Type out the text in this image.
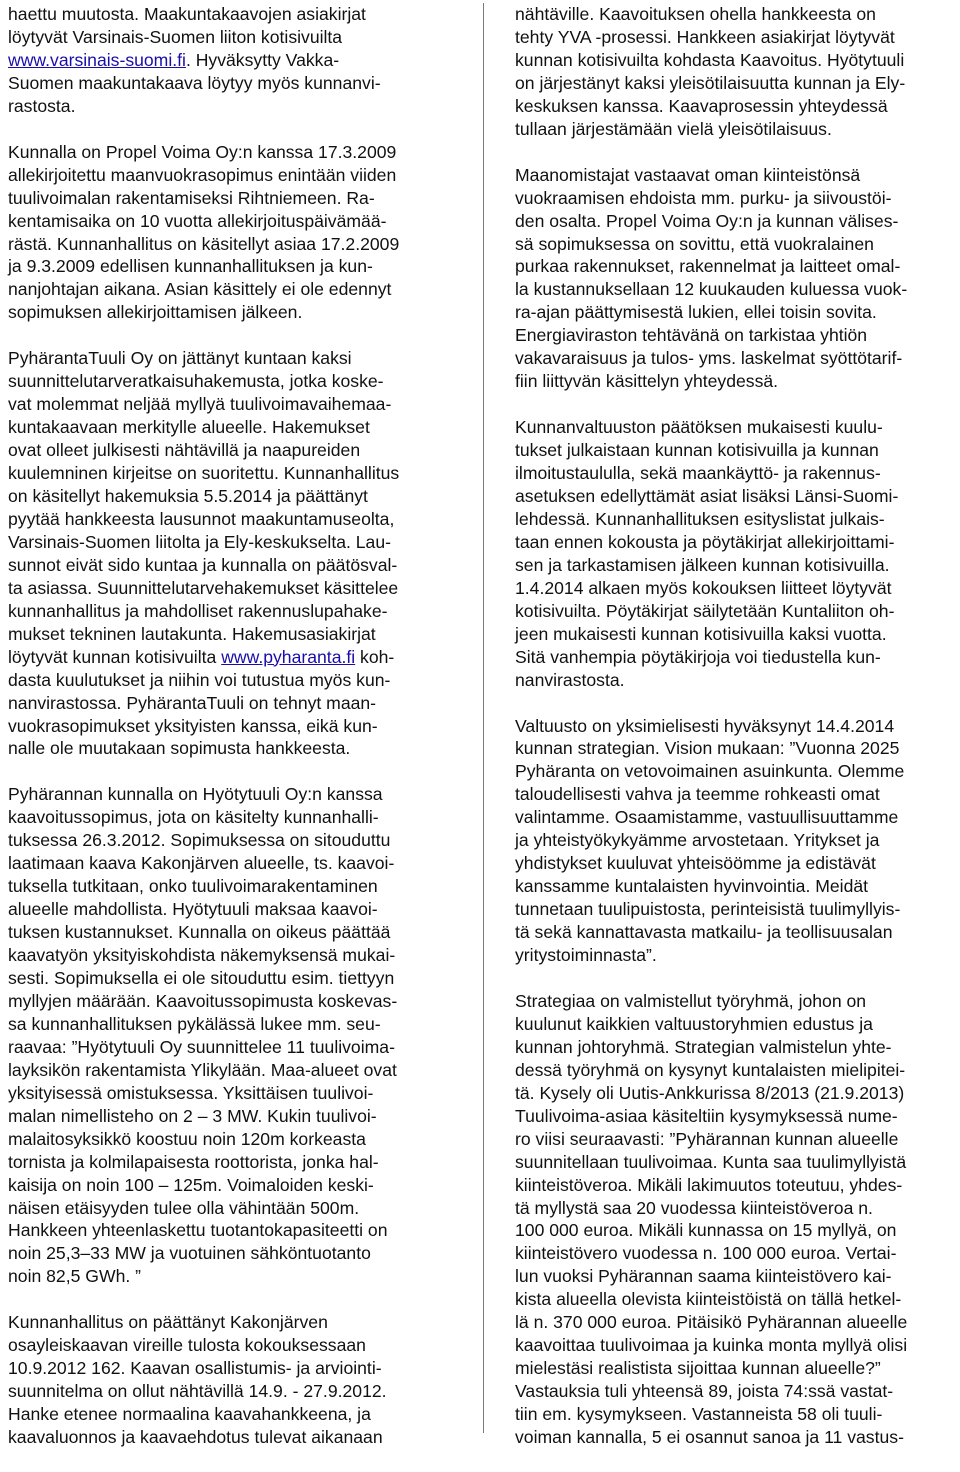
haettu muutosta. Maakuntakaavojen asiakirjat
löytyvät Varsinais-Suomen liiton kotisivuilta
www.varsinais-suomi.fi. Hyväksytty Vakka-
Suomen maakuntakaava löytyy myös kunnanvi-
rastosta.

Kunnalla on Propel Voima Oy:n kanssa 17.3.2009
allekirjoitettu maanvuokrasopimus enintään viiden
tuulivoimalan rakentamiseksi Rihtniemeen. Ra-
kentamisaika on 10 vuotta allekirjoituspäivämää-
rästä. Kunnanhallitus on käsitellyt asiaa 17.2.2009
ja 9.3.2009 edellisen kunnanhallituksen ja kun-
nanjohtajan aikana. Asian käsittely ei ole edennyt
sopimuksen allekirjoittamisen jälkeen.

PyhärantaTuuli Oy on jättänyt kuntaan kaksi
suunnittelutarveratkaisuhakemusta, jotka koske-
vat molemmat neljää myllyä tuulivoimavaihemaa-
kuntakaavaan merkitylle alueelle. Hakemukset
ovat olleet julkisesti nähtävillä ja naapureiden
kuulemninen kirjeitse on suoritettu. Kunnanhallitus
on käsitellyt hakemuksia 5.5.2014 ja päättänyt
pyytää hankkeesta lausunnot maakuntamuseolta,
Varsinais-Suomen liitolta ja Ely-keskukselta. Lau-
sunnot eivät sido kuntaa ja kunnalla on päätösval-
ta asiassa. Suunnittelutarvehakemukset käsittelee
kunnanhallitus ja mahdolliset rakennuslupahake-
mukset tekninen lautakunta. Hakemusasiakirjat
löytyvät kunnan kotisivuilta www.pyharanta.fi koh-
dasta kuulutukset ja niihin voi tutustua myös kun-
nanvirastossa. PyhärantaTuuli on tehnyt maan-
vuokrasopimukset yksityisten kanssa, eikä kun-
nalle ole muutakaan sopimusta hankkeesta.

Pyhärannan kunnalla on Hyötytuuli Oy:n kanssa
kaavoitussopimus, jota on käsitelty kunnanhalli-
tuksessa 26.3.2012. Sopimuksessa on sitouduttu
laatimaan kaava Kakonjärven alueelle, ts. kaavoi-
tuksella tutkitaan, onko tuulivoimarakentaminen
alueelle mahdollista. Hyötytuuli maksaa kaavoi-
tuksen kustannukset. Kunnalla on oikeus päättää
kaavatyön yksityiskohdista näkemyksensä mukai-
sesti. Sopimuksella ei ole sitouduttu esim. tiettyyn
myllyjen määrään. Kaavoitussopimusta koskevas-
sa kunnanhallituksen pykälässä lukee mm. seu-
raavaa: ”Hyötytuuli Oy suunnittelee 11 tuulivoima-
layksikön rakentamista Ylikylään. Maa-alueet ovat
yksityisessä omistuksessa. Yksittäisen tuulivoi-
malan nimellisteho on 2 – 3 MW. Kukin tuulivoi-
malaitosyksikkö koostuu noin 120m korkeasta
tornista ja kolmilapaisesta roottorista, jonka hal-
kaisija on noin 100 – 125m. Voimaloiden keski-
näisen etäisyyden tulee olla vähintään 500m.
Hankkeen yhteenlaskettu tuotantokapasiteetti on
noin 25,3–33 MW ja vuotuinen sähköntuotanto
noin 82,5 GWh. ”

Kunnanhallitus on päättänyt Kakonjärven
osayleiskaavan vireille tulosta kokouksessaan
10.9.2012 162. Kaavan osallistumis- ja arviointi-
suunnitelma on ollut nähtävillä 14.9. - 27.9.2012.
Hanke etenee normaalina kaavahankkeena, ja
kaavaluonnos ja kaavaehdotus tulevat aikanaan

nähtäville. Kaavoituksen ohella hankkeesta on
tehty YVA -prosessi. Hankkeen asiakirjat löytyvät
kunnan kotisivuilta kohdasta Kaavoitus. Hyötytuuli
on järjestänyt kaksi yleisötilaisuutta kunnan ja Ely-
keskuksen kanssa. Kaavaprosessin yhteydessä
tullaan järjestämään vielä yleisötilaisuus.

Maanomistajat vastaavat oman kiinteistönsä
vuokraamisen ehdoista mm. purku- ja siivoustöi-
den osalta. Propel Voima Oy:n ja kunnan välises-
sä sopimuksessa on sovittu, että vuokralainen
purkaa rakennukset, rakennelmat ja laitteet omal-
la kustannuksellaan 12 kuukauden kuluessa vuok-
ra-ajan päättymisestä lukien, ellei toisin sovita.
Energiaviraston tehtävänä on tarkistaa yhtiön
vakavaraisuus ja tulos- yms. laskelmat syöttötarif-
fiin liittyvän käsittelyn yhteydessä.

Kunnanvaltuuston päätöksen mukaisesti kuulu-
tukset julkaistaan kunnan kotisivuilla ja kunnan
ilmoitustaululla, sekä maankäyttö- ja rakennus-
asetuksen edellyttämät asiat lisäksi Länsi-Suomi-
lehdessä. Kunnanhallituksen esityslistat julkais-
taan ennen kokousta ja pöytäkirjat allekirjoittami-
sen ja tarkastamisen jälkeen kunnan kotisivuilla.
1.4.2014 alkaen myös kokouksen liitteet löytyvät
kotisivuilta. Pöytäkirjat säilytetään Kuntaliiton oh-
jeen mukaisesti kunnan kotisivuilla kaksi vuotta.
Sitä vanhempia pöytäkirjoja voi tiedustella kun-
nanvirastosta.

Valtuusto on yksimielisesti hyväksynyt 14.4.2014
kunnan strategian. Vision mukaan: ”Vuonna 2025
Pyhäranta on vetovoimainen asuinkunta. Olemme
taloudellisesti vahva ja teemme rohkeasti omat
valintamme. Osaamistamme, vastuullisuuttamme
ja yhteistyökykyämme arvostetaan. Yritykset ja
yhdistykset kuuluvat yhteisöömme ja edistävät
kanssamme kuntalaisten hyvinvointia. Meidät
tunnetaan tuulipuistosta, perinteisistä tuulimyllyis-
tä sekä kannattavasta matkailu- ja teollisuusalan
yritystoiminnasta”.

Strategiaa on valmistellut työryhmä, johon on
kuulunut kaikkien valtuustoryhmien edustus ja
kunnan johtoryhmä. Strategian valmistelun yhte-
dessä työryhmä on kysynyt kuntalaisten mielipitei-
tä. Kysely oli Uutis-Ankkurissa 8/2013 (21.9.2013)
Tuulivoima-asiaa käsiteltiin kysymyksessä nume-
ro viisi seuraavasti: ”Pyhärannan kunnan alueelle
suunnitellaan tuulivoimaa. Kunta saa tuulimyllyistä
kiinteistöveroa. Mikäli lakimuutos toteutuu, yhdes-
tä myllystä saa 20 vuodessa kiinteistöveroa n.
100 000 euroa. Mikäli kunnassa on 15 myllyä, on
kiinteistövero vuodessa n. 100 000 euroa. Vertai-
lun vuoksi Pyhärannan saama kiinteistövero kai-
kista alueella olevista kiinteistöistä on tällä hetkel-
lä n. 370 000 euroa. Pitäisikö Pyhärannan alueelle
kaavoittaa tuulivoimaa ja kuinka monta myllyä olisi
mielestäsi realistista sijoittaa kunnan alueelle?”
Vastauksia tuli yhteensä 89, joista 74:ssä vastat-
tiin em. kysymykseen. Vastanneista 58 oli tuuli-
voiman kannalla, 5 ei osannut sanoa ja 11 vastus-
